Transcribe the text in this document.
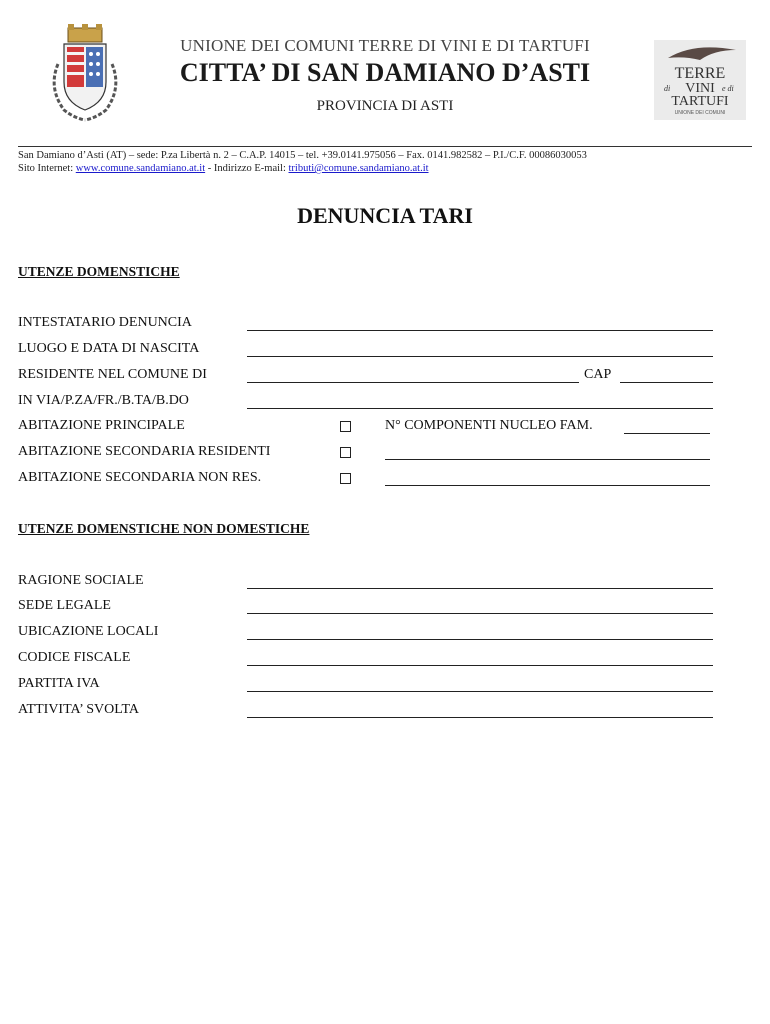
UNIONE DEI COMUNI TERRE DI VINI E DI TARTUFI
CITTA’ DI SAN DAMIANO D’ASTI
PROVINCIA DI ASTI
TERRE
di VINI e di
TARTUFI
UNIONE DEI COMUNI
San Damiano d’Asti (AT) – sede: P.za Libertà n. 2 – C.A.P. 14015 – tel. +39.0141.975056 – Fax. 0141.982582 – P.I./C.F. 00086030053
Sito Internet: www.comune.sandamiano.at.it - Indirizzo E-mail: tributi@comune.sandamiano.at.it
DENUNCIA TARI
UTENZE DOMENSTICHE
INTESTATARIO DENUNCIA
LUOGO E DATA DI NASCITA
RESIDENTE NEL COMUNE DI	CAP
IN VIA/P.ZA/FR./B.TA/B.DO
ABITAZIONE PRINCIPALE	N° COMPONENTI NUCLEO FAM.
ABITAZIONE SECONDARIA RESIDENTI
ABITAZIONE SECONDARIA NON RES.
UTENZE DOMENSTICHE NON DOMESTICHE
RAGIONE SOCIALE
SEDE LEGALE
UBICAZIONE LOCALI
CODICE FISCALE
PARTITA IVA
ATTIVITA’ SVOLTA
